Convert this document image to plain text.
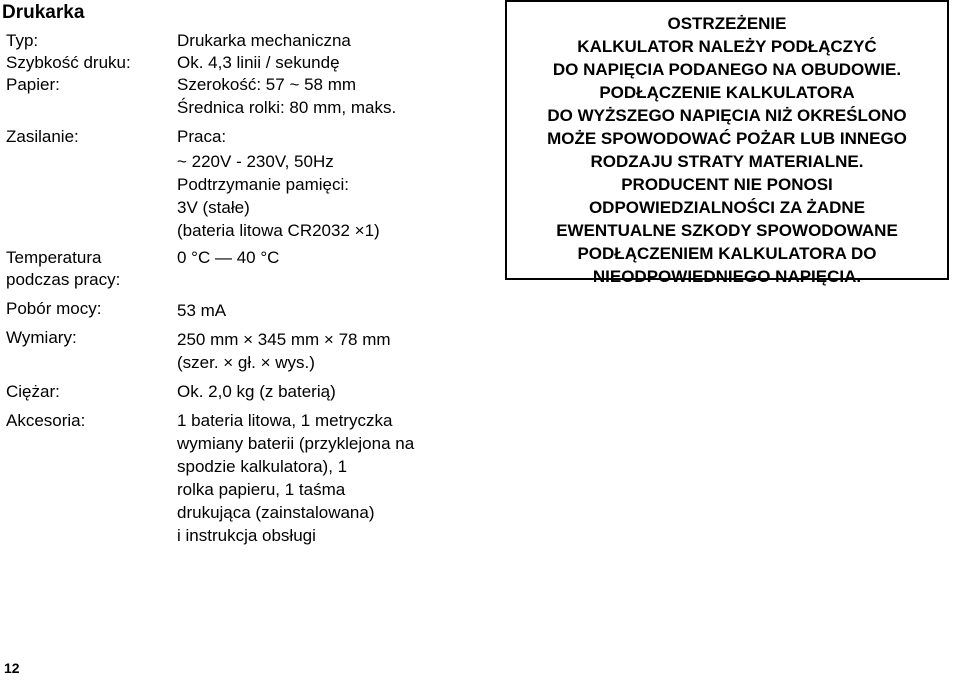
Drukarka
Typ:	Drukarka mechaniczna
Szybkość druku:	Ok. 4,3 linii / sekundę
Papier:	Szerokość: 57 ~ 58 mm
Średnica rolki: 80 mm, maks.
Zasilanie:	Praca:
~ 220V - 230V, 50Hz
Podtrzymanie pamięci:
3V (stałe)
(bateria litowa CR2032 ×1)
Temperatura
podczas pracy:
0 °C — 40 °C
Pobór mocy:	53 mA
Wymiary:	250 mm × 345 mm × 78 mm
(szer. × gł. × wys.)
Ciężar:	Ok. 2,0 kg (z baterią)
Akcesoria:	1 bateria litowa, 1 metryczka
wymiany baterii (przyklejona na
spodzie kalkulatora), 1
rolka papieru, 1 taśma
drukująca (zainstalowana)
i instrukcja obsługi
OSTRZEŻENIE
KALKULATOR NALEŻY PODŁĄCZYĆ
DO NAPIĘCIA PODANEGO NA OBUDOWIE.
PODŁĄCZENIE KALKULATORA
DO WYŻSZEGO NAPIĘCIA NIŻ OKREŚLONO
MOŻE SPOWODOWAĆ POŻAR LUB INNEGO
RODZAJU STRATY MATERIALNE.
PRODUCENT NIE PONOSI
ODPOWIEDZIALNOŚCI ZA ŻADNE
EWENTUALNE SZKODY SPOWODOWANE
PODŁĄCZENIEM KALKULATORA DO
NIEODPOWIEDNIEGO NAPIĘCIA.
12
